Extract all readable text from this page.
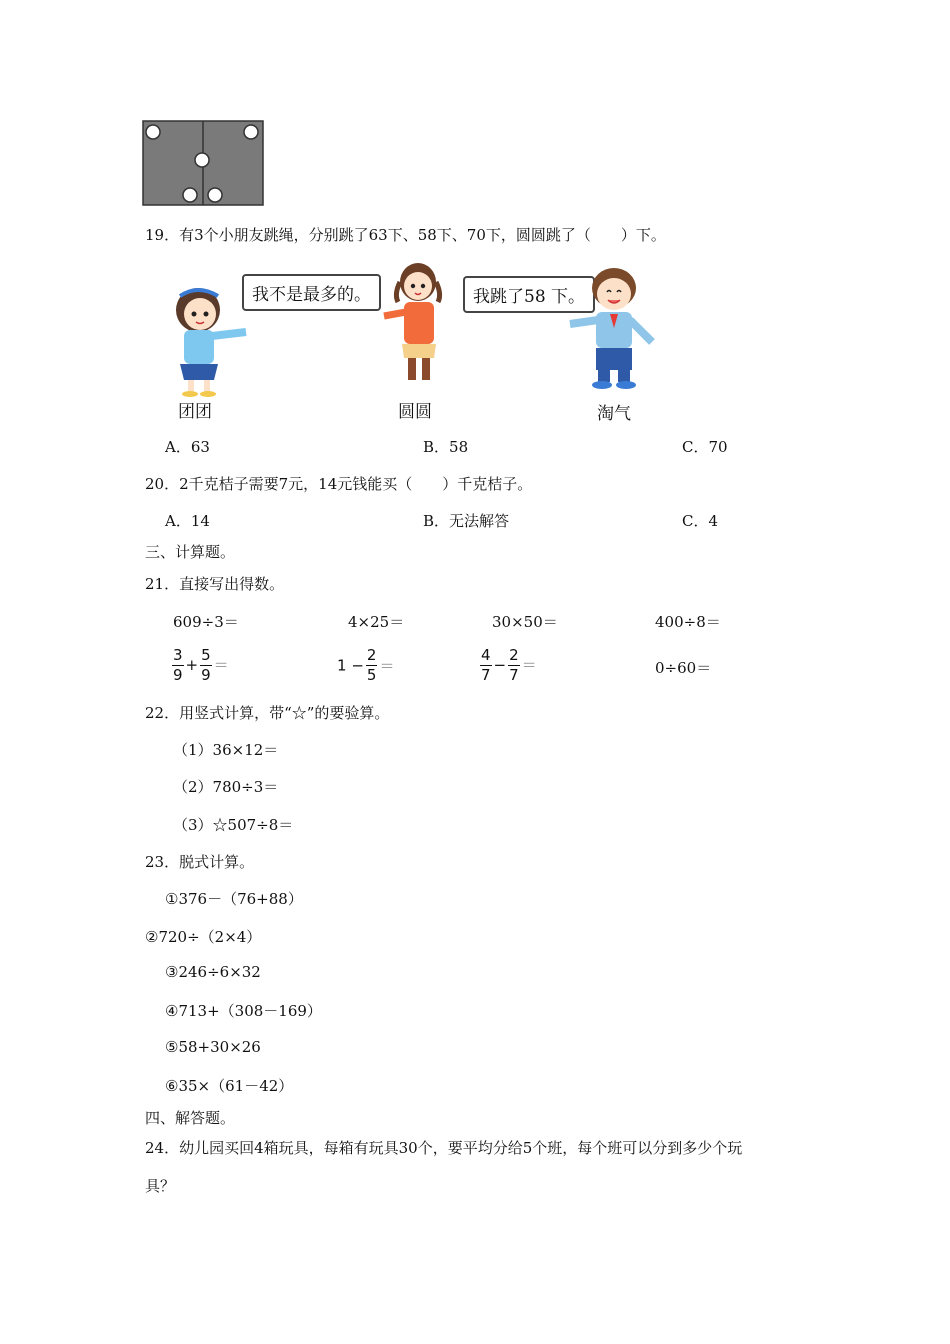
19．有3个小朋友跳绳，分别跳了63下、58下、70下，圆圆跳了（　　）下。
我不是最多的。
团团	圆圆
我跳了58 下。
淘气
A．63	B．58	C．70
20．2千克桔子需要7元，14元钱能买（　　）千克桔子。
A．14	B．无法解答	C．4
三、计算题。
21．直接写出得数。
609÷3＝	4×25＝	30×50＝	400÷8＝
$\frac{3}{9} + \frac{5}{9}$ ＝	$1 - \frac{2}{5}$ ＝	$\frac{4}{7} - \frac{2}{7}$ ＝	0÷60＝
22．用竖式计算，带“☆”的要验算。
（1）36×12＝
（2）780÷3＝
（3）☆507÷8＝
23．脱式计算。
①376－（76+88）
②720÷（2×4）
③246÷6×32
④713+（308－169）
⑤58+30×26
⑥35×（61－42）
四、解答题。
24．幼儿园买回4箱玩具，每箱有玩具30个，要平均分给5个班，每个班可以分到多少个玩
具？
